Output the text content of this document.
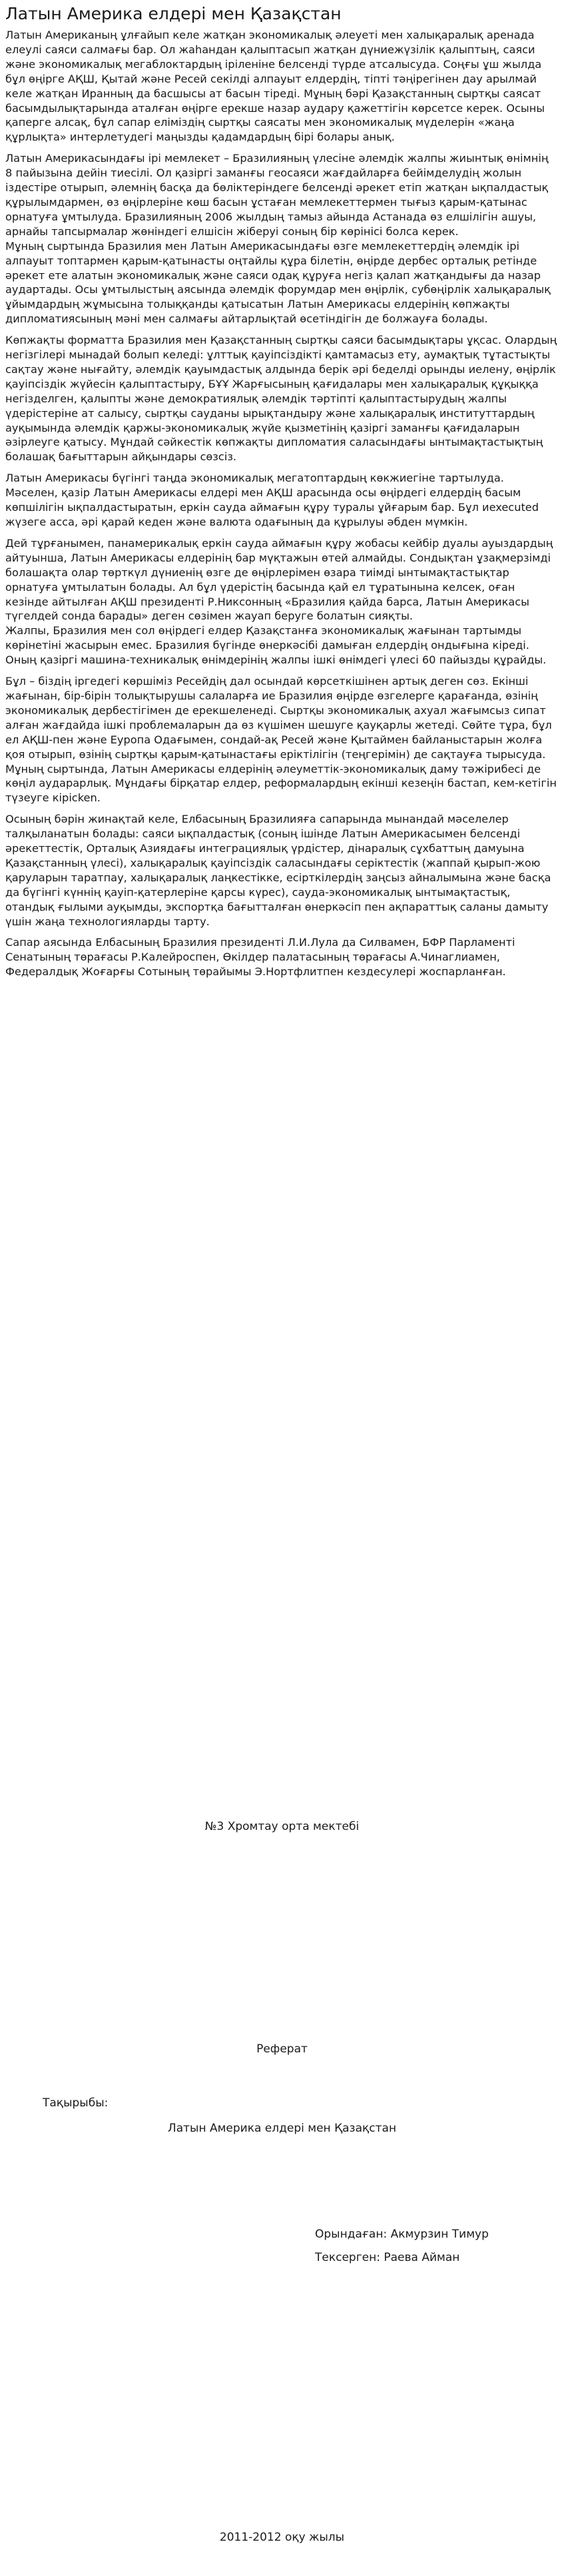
Латын Америка елдері мен Қазақстан

Латын Американың ұлғайып келе жатқан экономикалық әлеуеті мен халықаралық аренада елеулі саяси салмағы бар. Ол жаһандан қалыптасып жатқан дүниежүзілік қалыптың, саяси және экономикалық мегаблоктардың іріленіне белсенді түрде атсалысуда. Соңғы ұш жылда бұл өңірге АҚШ, Қытай және Ресей секілді алпауыт елдердің, тіпті тәңірегінен дау арылмай келе жатқан Иранның да басшысы ат басын тіреді. Мұның бәрі Қазақстанның сыртқы саясат басымдылықтарында аталған өңірге ерекше назар аудару қажеттігін көрсетсе керек. Осыны қаперге алсақ, бұл сапар еліміздің сыртқы саясаты мен экономикалық мүделерін «жаңа құрлықта» интерлетудегі маңызды қадамдардың бірі болары анық.

Латын Америкасындағы ірі мемлекет – Бразилияның үлесіне әлемдік жалпы жиынтық өнімнің 8 пайызына дейін тиесілі. Ол қазіргі заманғы геосаяси жағдайларға бейімделудің жолын іздестіре отырып, әлемнің басқа да бөліктеріндеге белсенді әрекет етіп жатқан ықпалдастық құрылымдармен, өз өңірлеріне көш басын ұстаған мемлекеттермен тығыз қарым-қатынас орнатуға ұмтылуда. Бразилияның 2006 жылдың тамыз айында Астанада өз елшілігін ашуы, арнайы тапсырмалар жөніндегі елшісін жіберуі соның бір көрінісі болса керек.
Мұның сыртында Бразилия мен Латын Америкасындағы өзге мемлекеттердің әлемдік ірі алпауыт топтармен қарым-қатынасты оңтайлы құра білетін, өңірде дербес орталық ретінде әрекет ете алатын экономикалық және саяси одақ құруға негіз қалап жатқандығы да назар аудартады. Осы ұмтылыстың аясында әлемдік форумдар мен өңірлік, субөңірлік халықаралық ұйымдардың жұмысына толыққанды қатысатын Латын Америкасы елдерінің көпжақты дипломатиясының мәні мен салмағы айтарлықтай өсетіндігін де болжауға болады.

Көпжақты форматта Бразилия мен Қазақстанның сыртқы саяси басымдықтары ұқсас. Олардың негізгілері мынадай болып келеді: ұлттық қауіпсіздікті қамтамасыз ету, аумақтық тұтастықты сақтау және нығайту, әлемдік қауымдастық алдында берік әрі беделді орынды иелену, өңірлік қауіпсіздік жүйесін қалыптастыру, БҰҰ Жарғысының қағидалары мен халықаралық құқыққа негізделген, қалыпты және демократиялық әлемдік тәртіпті қалыптастырудың жалпы үдерістеріне ат салысу, сыртқы сауданы ырықтандыру және халықаралық институттардың ауқымында әлемдік қаржы-экономикалық жүйе қызметінің қазіргі заманғы қағидаларын әзірлеуге қатысу. Мұндай сәйкестік көпжақты дипломатия саласындағы ынтымақтастықтың болашақ бағыттарын айқындары сөзсіз.

Латын Америкасы бүгінгі таңда экономикалық мегатоптардың көкжиегіне тартылуда. Мәселен, қазір Латын Америкасы елдері мен АҚШ арасында осы өңірдегі елдердің басым көпшілігін ықпалдастыратын, еркін сауда аймағын құру туралы ұйғарым бар. Бұл иexecuted жүзеге асса, әрі қарай кеден және валюта одағының да құрылуы әбден мүмкін.

Дей тұрғанымен, панамерикалық еркін сауда аймағын құру жобасы кейбір дуалы ауыздардың айтуынша, Латын Америкасы елдерінің бар мүқтажын өтей алмайды. Сондықтан ұзақмерзімді болашақта олар төрткүл дүниенің өзге де өңірлерімен өзара тиімді ынтымақтастықтар орнатуға ұмтылатын болады. Ал бұл үдерістің басында қай ел тұратынына келсек, оған кезінде айтылған АҚШ президенті Р.Никсонның «Бразилия қайда барса, Латын Америкасы түгелдей сонда барады» деген сөзімен жауап беруге болатын сияқты.
Жалпы, Бразилия мен сол өңірдегі елдер Қазақстанға экономикалық жағынан тартымды көрінетіні жасырын емес. Бразилия бүгінде өнеркәсібі дамыған елдердің ондығына кіреді. Оның қазіргі машина-техникалық өнімдерінің жалпы ішкі өнімдегі үлесі 60 пайызды құрайды.

Бұл – біздің іргедегі көршіміз Ресейдің дал осындай көрсеткішінен артық деген сөз. Екінші жағынан, бір-бірін толықтырушы салаларға ие Бразилия өңірде өзгелерге қарағанда, өзінің экономикалық дербестігімен де ерекшеленеді. Сыртқы экономикалық ахуал жағымсыз сипат алған жағдайда ішкі проблемаларын да өз күшімен шешуге қауқарлы жетеді. Сөйте тұра, бұл ел АҚШ-пен және Еуропа Одағымен, сондай-ақ Ресей және Қытаймен байланыстарын жолға қоя отырып, өзінің сыртқы қарым-қатынастағы еріктілігін (теңгерімін) де сақтауға тырысуда. Мұның сыртында, Латын Америкасы елдерінің әлеуметтік-экономикалық даму тәжірибесі де көңіл аударарлық. Мұндағы бірқатар елдер, реформалардың екінші кезеңін бастап, кем-кетігін түзеуге кірісken.

Осының бәрін жинақтай келе, Елбасының Бразилияға сапарында мынандай мәселелер талқыланатын болады: саяси ықпалдастық (соның ішінде Латын Америкасымен белсенді әрекеттестік, Орталық Азиядағы интеграциялық үрдістер, дінаралық сұхбаттың дамуына Қазақстанның үлесі), халықаралық қауіпсіздік саласындағы серіктестік (жаппай қырып-жою қаруларын таратпау, халықаралық лаңкестікке, есірткілердің заңсыз айналымына және басқа да бүгінгі күннің қауіп-қатерлеріне қарсы күрес), сауда-экономикалық ынтымақтастық, отандық ғылыми ауқымды, экспортқа бағытталған өнеркәсіп пен ақпараттық саланы дамыту үшін жаңа технологияларды тарту.

Сапар аясында Елбасының Бразилия президенті Л.И.Лула да Силвамен, БФР Парламенті Сенатының төрағасы Р.Калейроспен, Өкілдер палатасының төрағасы А.Чинаглиамен, Федералдық Жоғарғы Сотының төрайымы Э.Нортфлитпен кездесулері жоспарланған.

№3 Хромтау орта мектебі

Реферат

Тақырыбы:

Латын Америка елдері мен Қазақстан

Орындаған: Акмурзин Тимур

Тексерген: Раева Айман

2011-2012 оқу жылы
